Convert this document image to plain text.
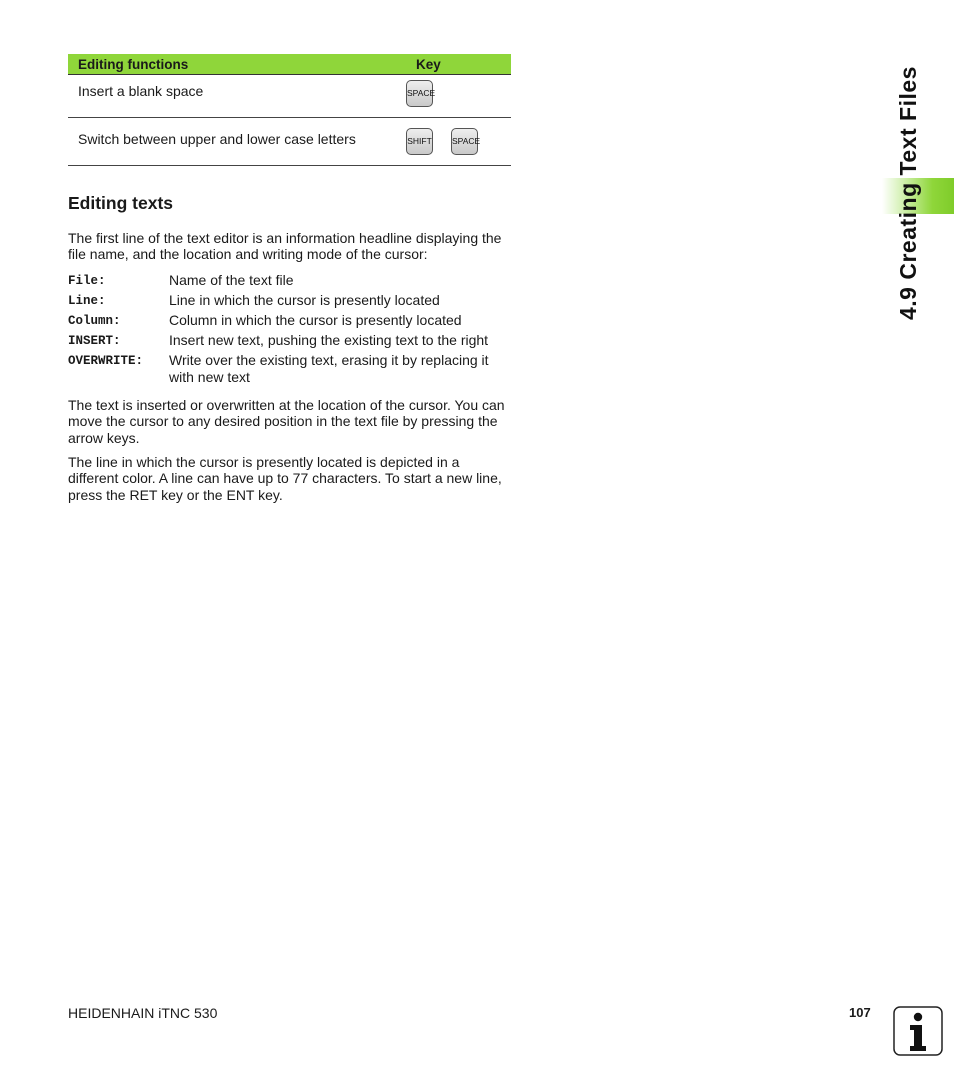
Editing functions	Key
Insert a blank space	SPACE
Switch between upper and lower case letters	SHIFT SPACE
Editing texts

The first line of the text editor is an information headline displaying the file name, and the location and writing mode of the cursor:

File:	Name of the text file
Line:	Line in which the cursor is presently located
Column:	Column in which the cursor is presently located
INSERT:	Insert new text, pushing the existing text to the right
OVERWRITE:	Write over the existing text, erasing it by replacing it with new text

The text is inserted or overwritten at the location of the cursor. You can move the cursor to any desired position in the text file by pressing the arrow keys.

The line in which the cursor is presently located is depicted in a different color. A line can have up to 77 characters. To start a new line, press the RET key or the ENT key.

4.9 Creating Text Files
HEIDENHAIN iTNC 530	107
